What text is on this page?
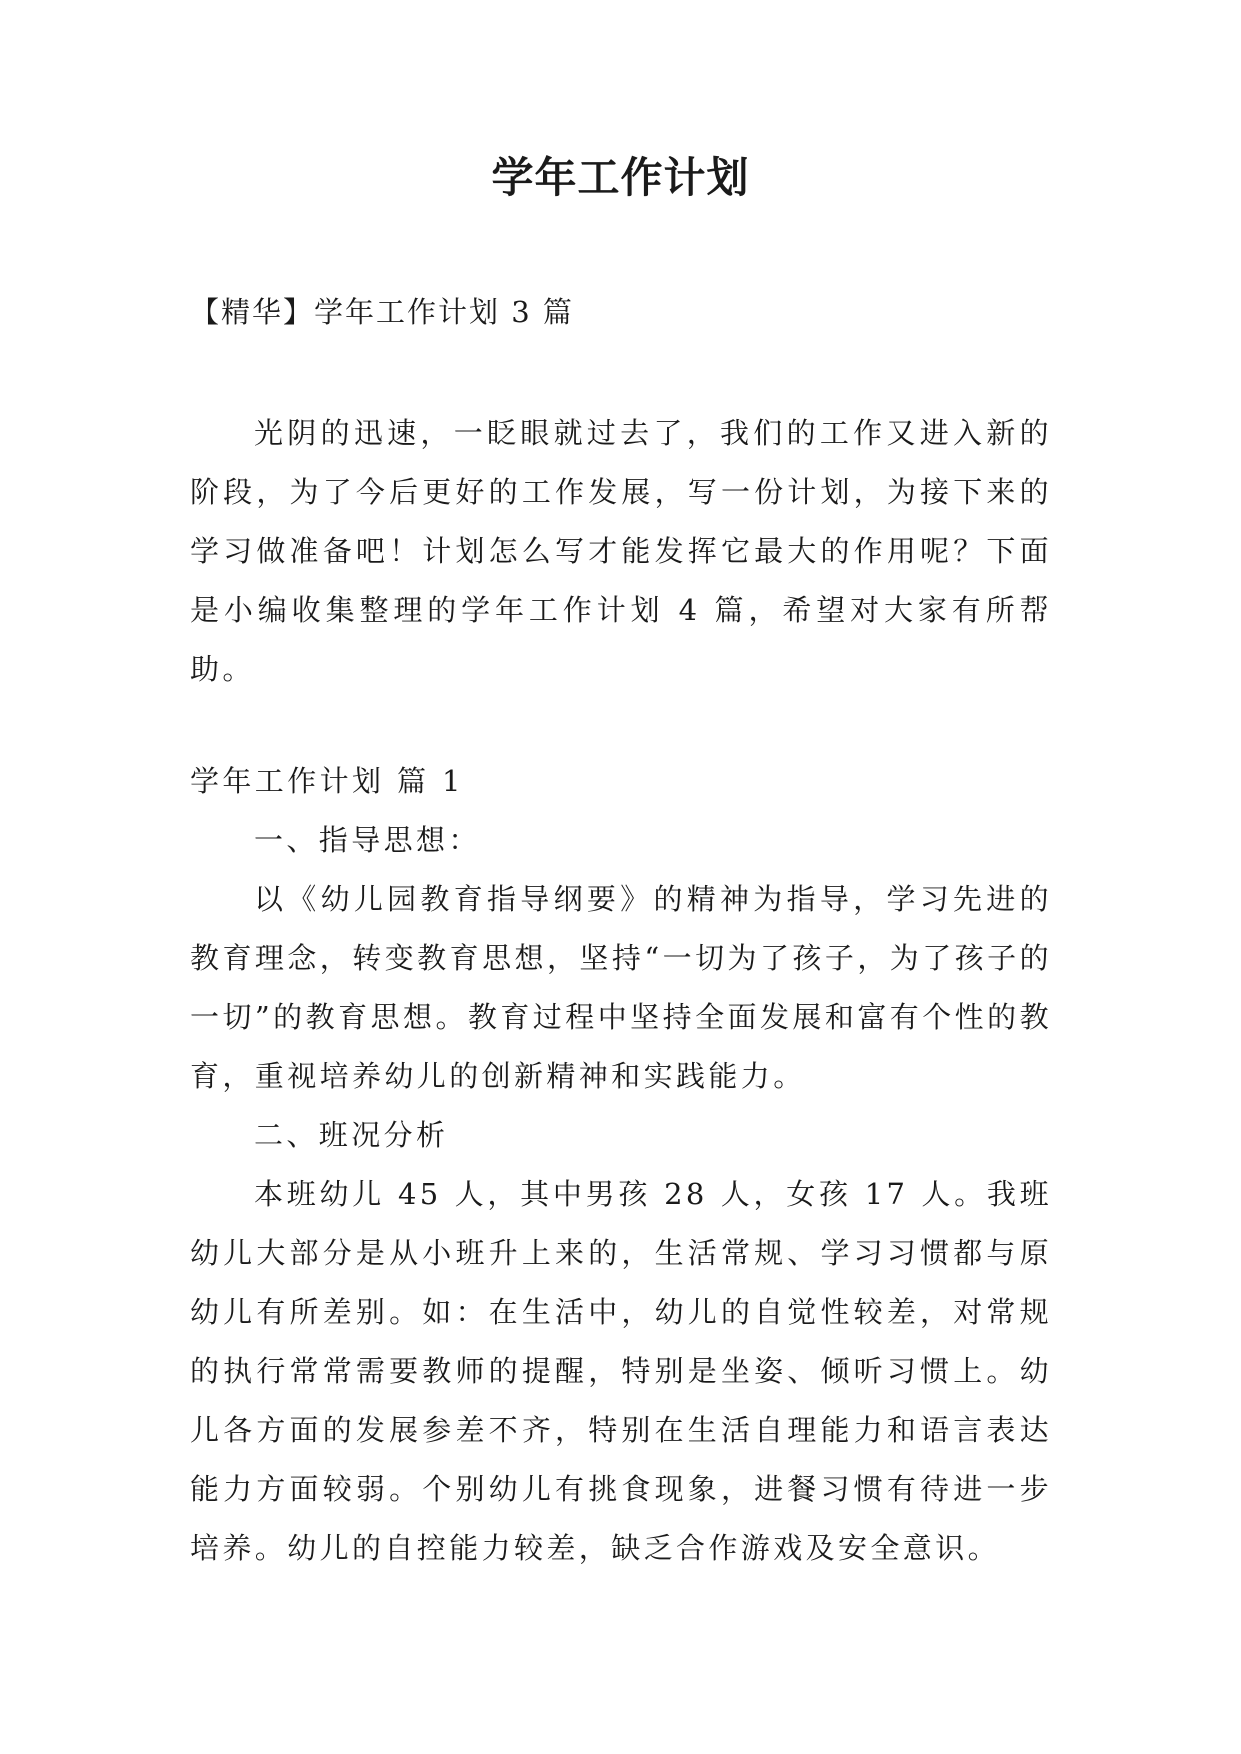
学年工作计划
【精华】学年工作计划 3 篇

光阴的迅速，一眨眼就过去了，我们的工作又进入新的阶段，为了今后更好的工作发展，写一份计划，为接下来的学习做准备吧！计划怎么写才能发挥它最大的作用呢？下面是小编收集整理的学年工作计划 4 篇，希望对大家有所帮助。

学年工作计划 篇 1

一、指导思想：

以《幼儿园教育指导纲要》的精神为指导，学习先进的教育理念，转变教育思想，坚持“一切为了孩子，为了孩子的一切”的教育思想。教育过程中坚持全面发展和富有个性的教育，重视培养幼儿的创新精神和实践能力。

二、班况分析

本班幼儿 45 人，其中男孩 28 人，女孩 17 人。我班幼儿大部分是从小班升上来的，生活常规、学习习惯都与原幼儿有所差别。如：在生活中，幼儿的自觉性较差，对常规的执行常常需要教师的提醒，特别是坐姿、倾听习惯上。幼儿各方面的发展参差不齐，特别在生活自理能力和语言表达能力方面较弱。个别幼儿有挑食现象，进餐习惯有待进一步培养。幼儿的自控能力较差，缺乏合作游戏及安全意识。
